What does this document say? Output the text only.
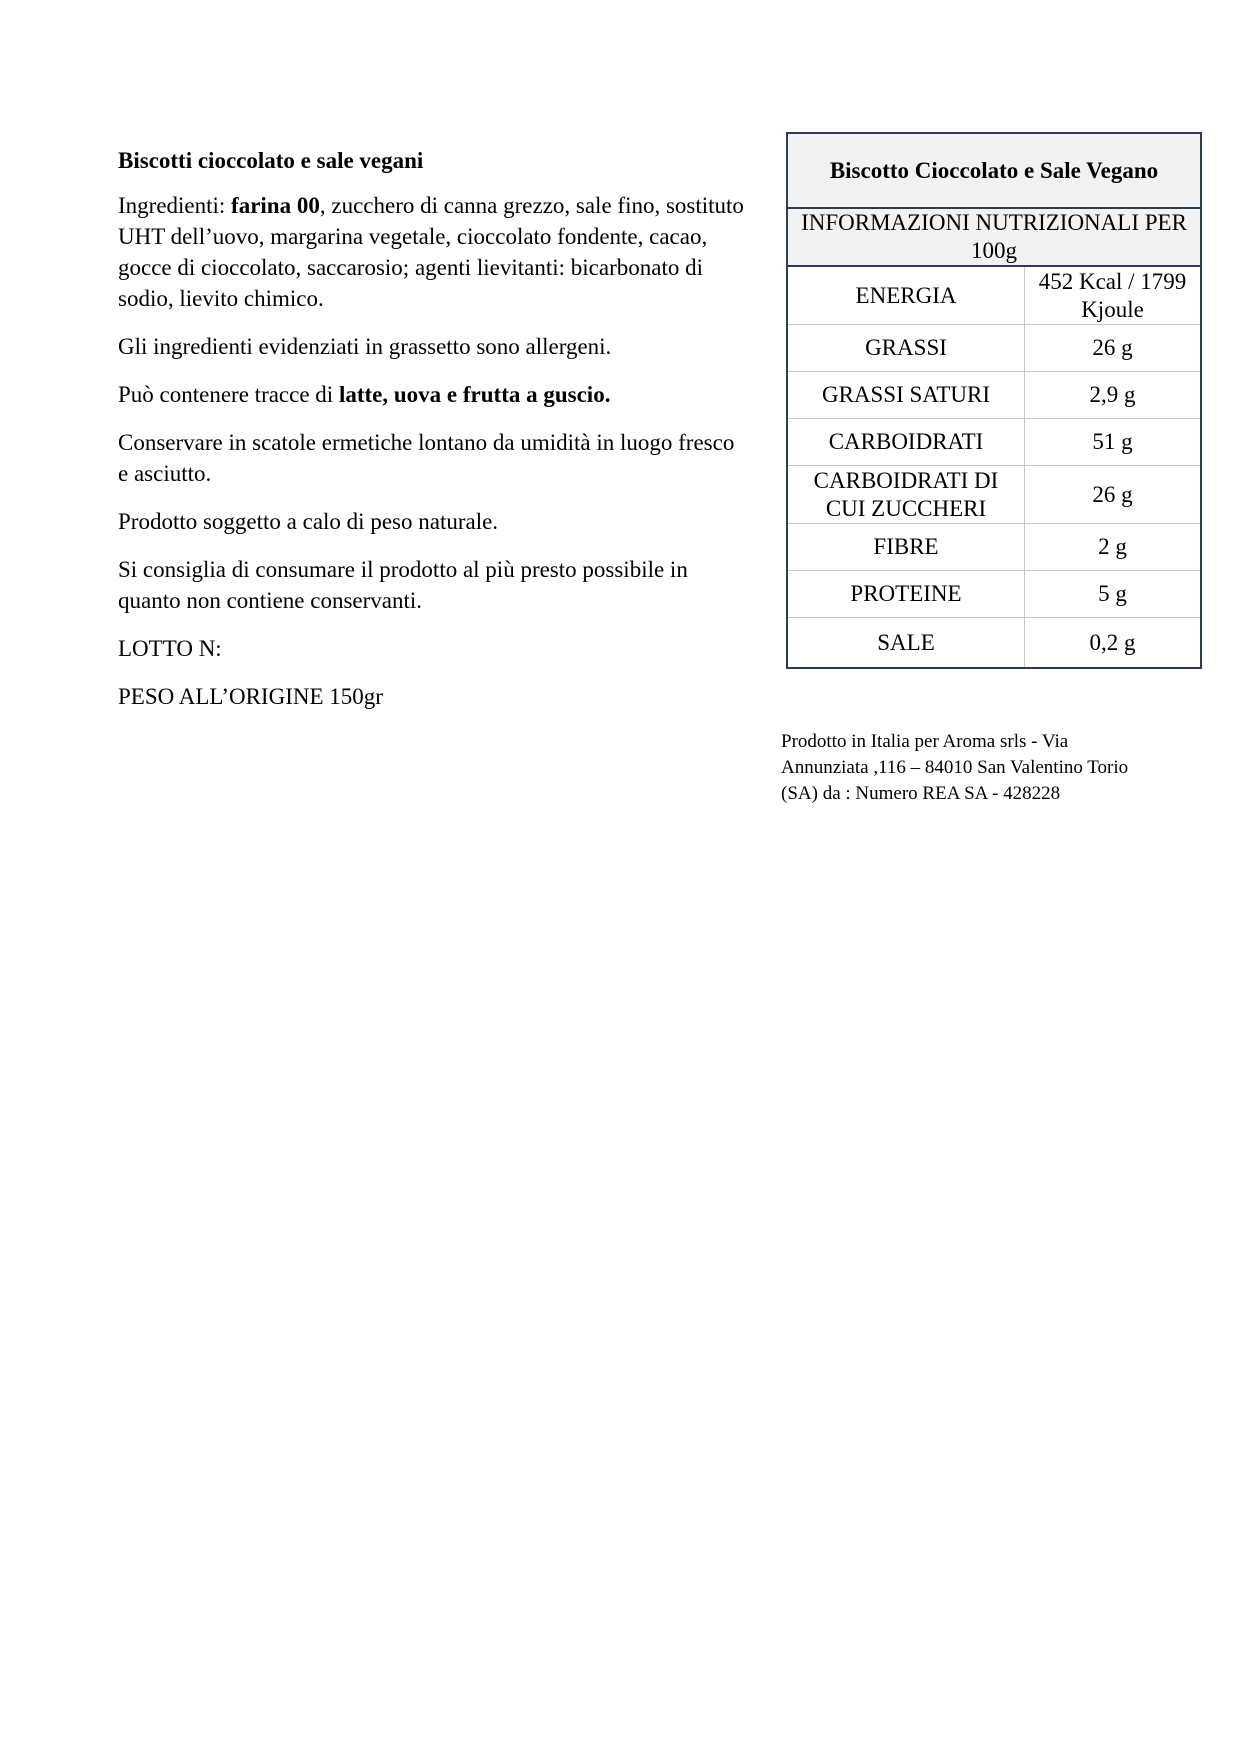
Biscotti cioccolato e sale vegani

Ingredienti: farina 00, zucchero di canna grezzo, sale fino, sostituto UHT dell’uovo, margarina vegetale, cioccolato fondente, cacao, gocce di cioccolato, saccarosio; agenti lievitanti: bicarbonato di sodio, lievito chimico.

Gli ingredienti evidenziati in grassetto sono allergeni.

Può contenere tracce di latte, uova e frutta a guscio.

Conservare in scatole ermetiche lontano da umidità in luogo fresco e asciutto.

Prodotto soggetto a calo di peso naturale.

Si consiglia di consumare il prodotto al più presto possibile in quanto non contiene conservanti.

LOTTO N:

PESO ALL’ORIGINE 150gr

Biscotto Cioccolato e Sale Vegano	
INFORMAZIONI NUTRIZIONALI PER 100g	
ENERGIA	452 Kcal / 1799 Kjoule
GRASSI	26 g
GRASSI SATURI	2,9 g
CARBOIDRATI	51 g
CARBOIDRATI DI CUI ZUCCHERI	26 g
FIBRE	2 g
PROTEINE	5 g
SALE	0,2 g
Prodotto in Italia per Aroma srls - Via Annunziata ,116 – 84010 San Valentino Torio (SA) da : Numero REA SA - 428228
